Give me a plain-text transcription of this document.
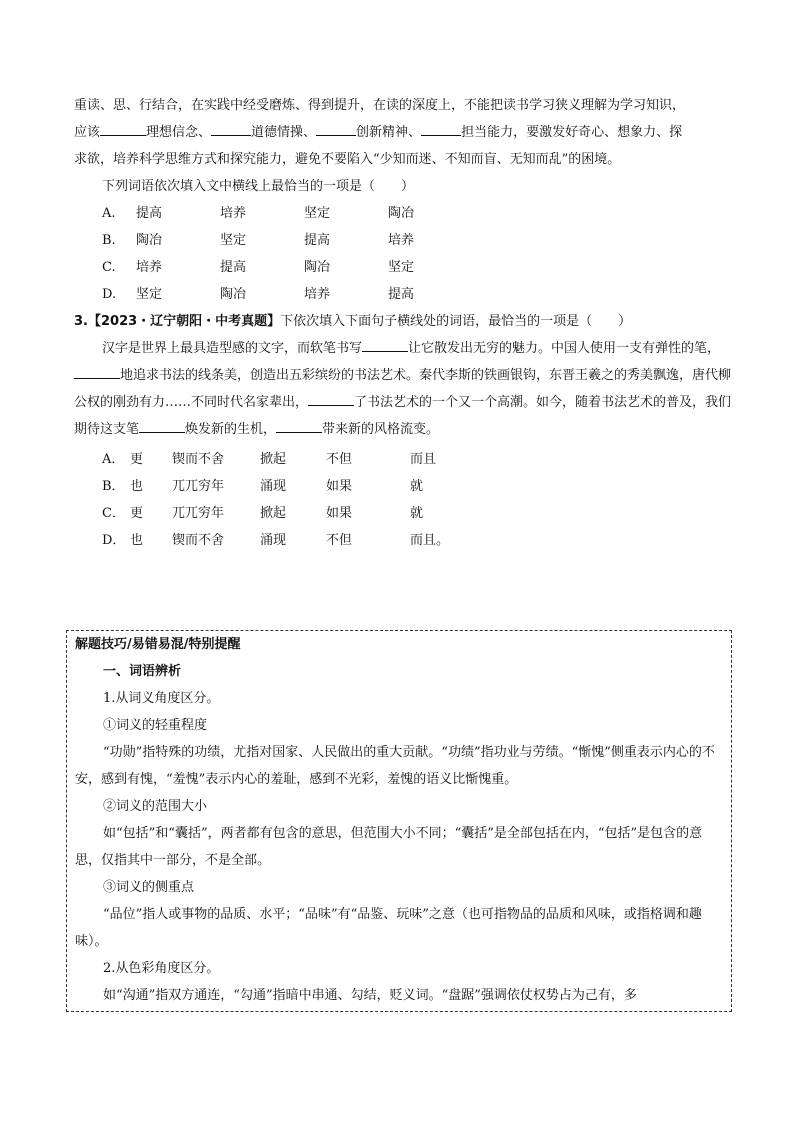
重读、思、行结合，在实践中经受磨炼、得到提升，在读的深度上，不能把读书学习狭义理解为学习知识，

应该	理想信念、	道德情操、	创新精神、	担当能力，要激发好奇心、想象力、探

求欲，培养科学思维方式和探究能力，避免不要陷入“少知而迷、不知而盲、无知而乱”的困境。

下列词语依次填入文中横线上最恰当的一项是（　　）

A.	提高	培养	坚定	陶冶
B.	陶冶	坚定	提高	培养
C.	培养	提高	陶冶	坚定
D.	坚定	陶冶	培养	提高

3.【2023・辽宁朝阳・中考真题】下依次填入下面句子横线处的词语，最恰当的一项是（　　）

汉字是世界上最具造型感的文字，而软笔书写	让它散发出无穷的魅力。中国人使用一支有弹性的笔，地追求书法的线条美，创造出五彩缤纷的书法艺术。秦代李斯的铁画银钩，东晋王羲之的秀美飘逸，唐代柳公权的刚劲有力……不同时代名家辈出，	了书法艺术的一个又一个高潮。如今，随着书法艺术的普及，我们期待这支笔	焕发新的生机，	带来新的风格流变。

A． 更	锲而不舍	掀起	不但	而且
B． 也	兀兀穷年	涌现	如果	就
C． 更	兀兀穷年	掀起	如果	就
D． 也	锲而不舍	涌现	不但	而且。

解题技巧/易错易混/特别提醒

一、词语辨析

1.从词义角度区分。

①词义的轻重程度

“功勋”指特殊的功绩，尤指对国家、人民做出的重大贡献。“功绩”指功业与劳绩。“惭愧”侧重表示内心的不安，感到有愧，“羞愧”表示内心的羞耻，感到不光彩，羞愧的语义比惭愧重。

②词义的范围大小

如“包括”和“囊括”，两者都有包含的意思，但范围大小不同；“囊括”是全部包括在内，“包括”是包含的意思，仅指其中一部分，不是全部。

③词义的侧重点

“品位”指人或事物的品质、水平；“品味”有“品鉴、玩味”之意（也可指物品的品质和风味，或指格调和趣味）。

2.从色彩角度区分。

如“沟通”指双方通连，“勾通”指暗中串通、勾结，贬义词。“盘踞”强调依仗权势占为己有，多
